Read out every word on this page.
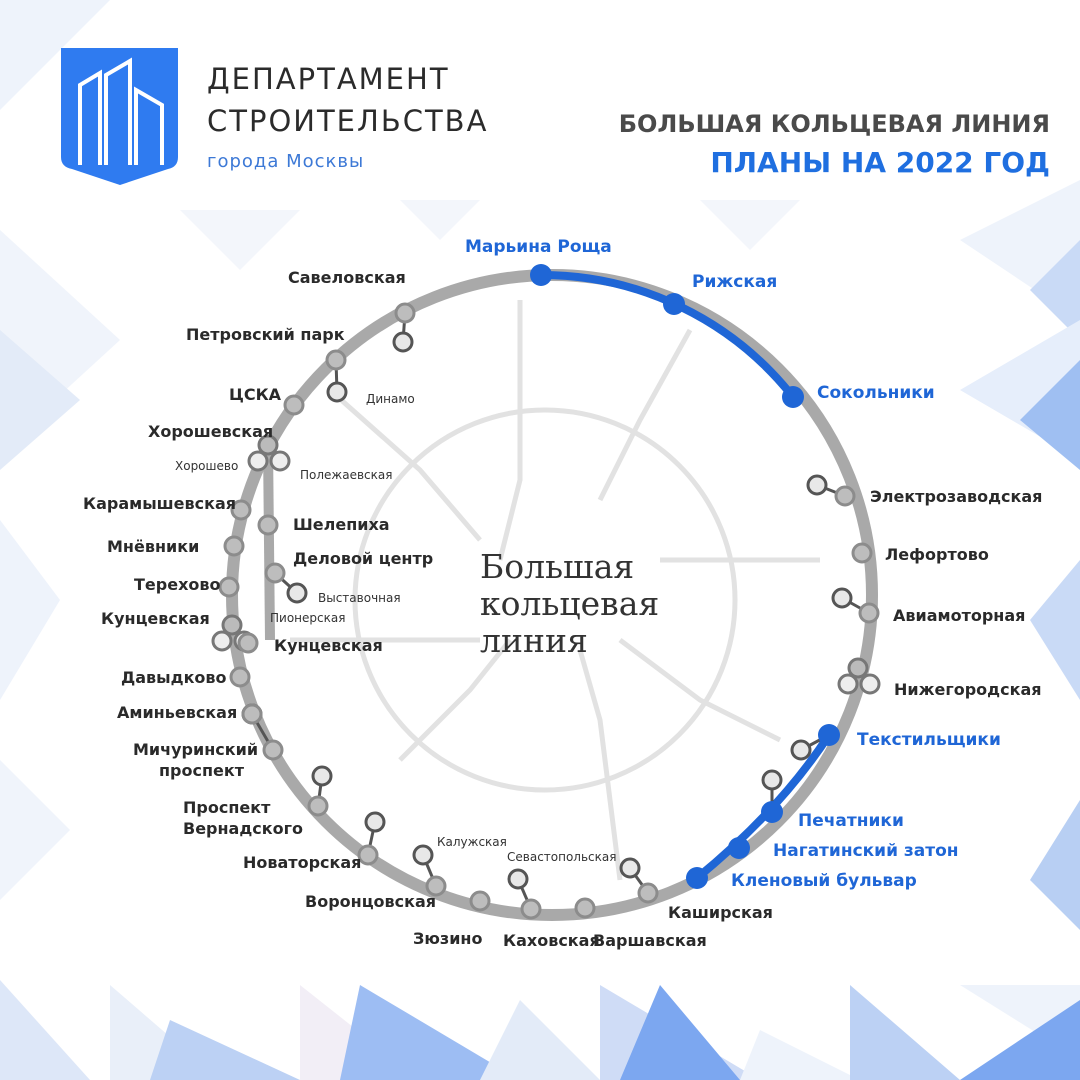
ДЕПАРТАМЕНТ
СТРОИТЕЛЬСТВА
города Москвы
БОЛЬШАЯ КОЛЬЦЕВАЯ ЛИНИЯ
ПЛАНЫ НА 2022 ГОД
Марьина Роща
Рижская
Сокольники
Электрозаводская
Лефортово
Авиамоторная
Нижегородская
Текстильщики
Печатники
Нагатинский затон
Кленовый бульвар
Каширская
Варшавская
Каховская
Зюзино
Воронцовская
Новаторская
Проспект
Вернадского
Мичуринский
проспект
Аминьевская
Давыдково
Кунцевская
Терехово
Мнёвники
Карамышевская
Хорошевская
ЦСКА
Петровский парк
Савеловская
Шелепиха
Деловой центр
Кунцевская
Динамо
Хорошево
Полежаевская
Выставочная
Пионерская
Калужская
Севастопольская
Большая
кольцевая
линия
